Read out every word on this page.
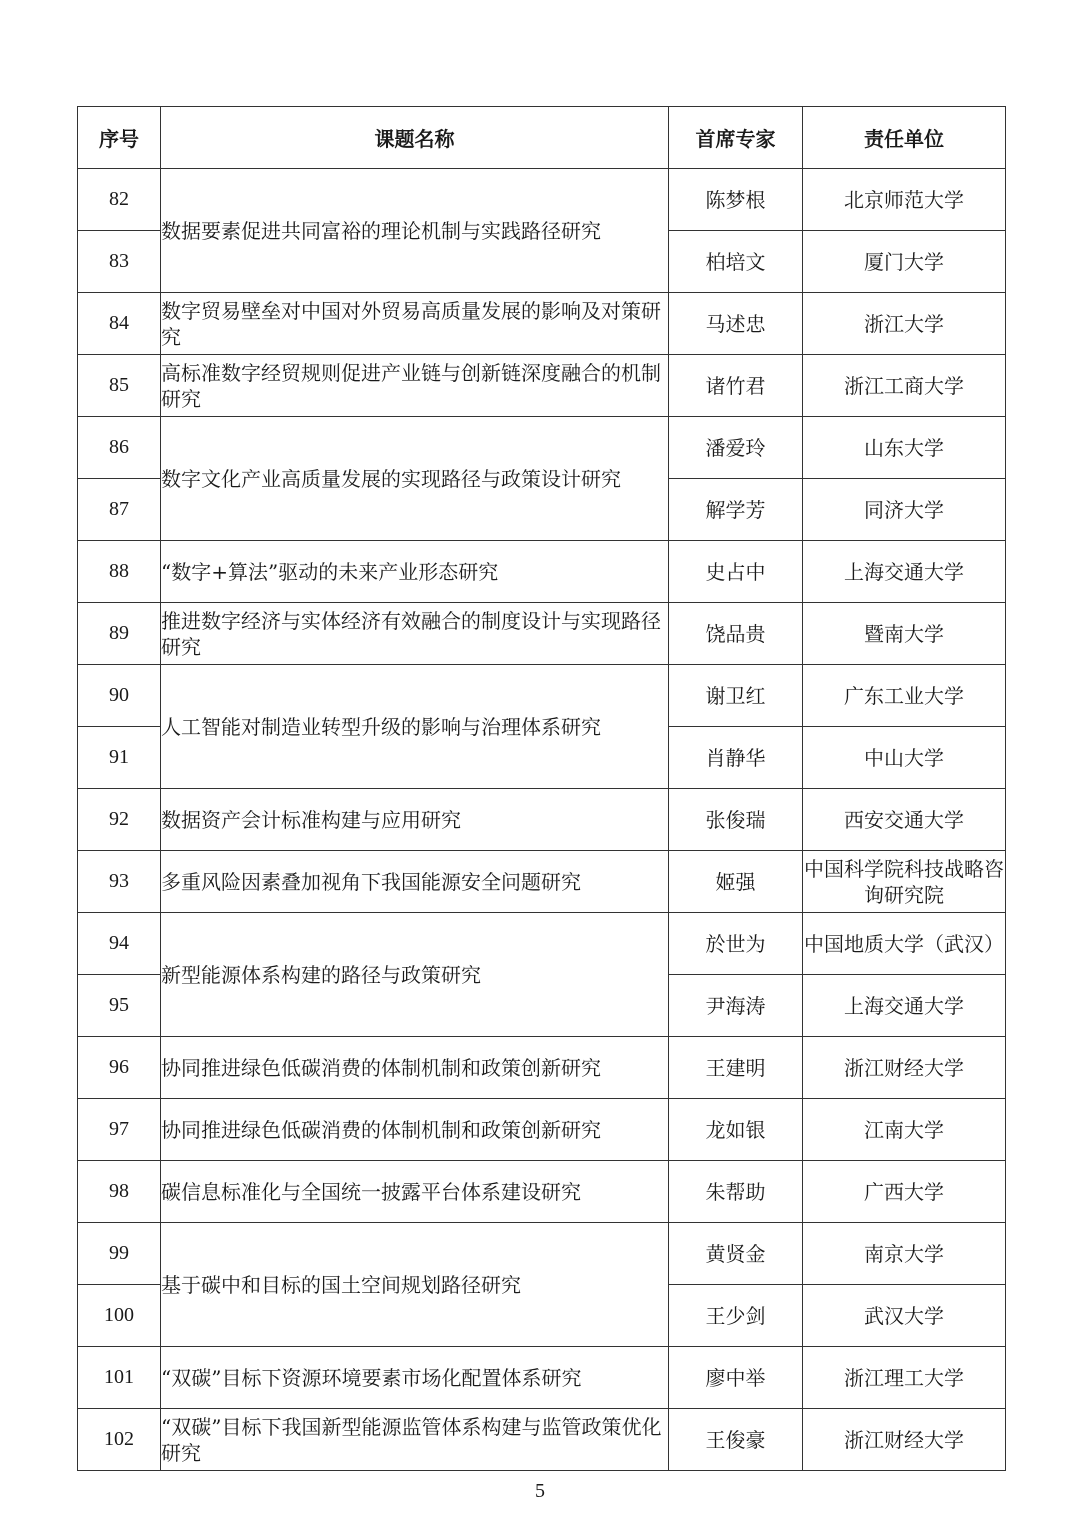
序号	课题名称	首席专家	责任单位
82	数据要素促进共同富裕的理论机制与实践路径研究	陈梦根	北京师范大学
83		柏培文	厦门大学
84	数字贸易壁垒对中国对外贸易高质量发展的影响及对策研究	马述忠	浙江大学
85	高标准数字经贸规则促进产业链与创新链深度融合的机制研究	诸竹君	浙江工商大学
86	数字文化产业高质量发展的实现路径与政策设计研究	潘爱玲	山东大学
87		解学芳	同济大学
88	“数字+算法”驱动的未来产业形态研究	史占中	上海交通大学
89	推进数字经济与实体经济有效融合的制度设计与实现路径研究	饶品贵	暨南大学
90	人工智能对制造业转型升级的影响与治理体系研究	谢卫红	广东工业大学
91		肖静华	中山大学
92	数据资产会计标准构建与应用研究	张俊瑞	西安交通大学
93	多重风险因素叠加视角下我国能源安全问题研究	姬强	中国科学院科技战略咨询研究院
94	新型能源体系构建的路径与政策研究	於世为	中国地质大学（武汉）
95		尹海涛	上海交通大学
96	协同推进绿色低碳消费的体制机制和政策创新研究	王建明	浙江财经大学
97	协同推进绿色低碳消费的体制机制和政策创新研究	龙如银	江南大学
98	碳信息标准化与全国统一披露平台体系建设研究	朱帮助	广西大学
99	基于碳中和目标的国土空间规划路径研究	黄贤金	南京大学
100		王少剑	武汉大学
101	“双碳”目标下资源环境要素市场化配置体系研究	廖中举	浙江理工大学
102	“双碳”目标下我国新型能源监管体系构建与监管政策优化研究	王俊豪	浙江财经大学
5
